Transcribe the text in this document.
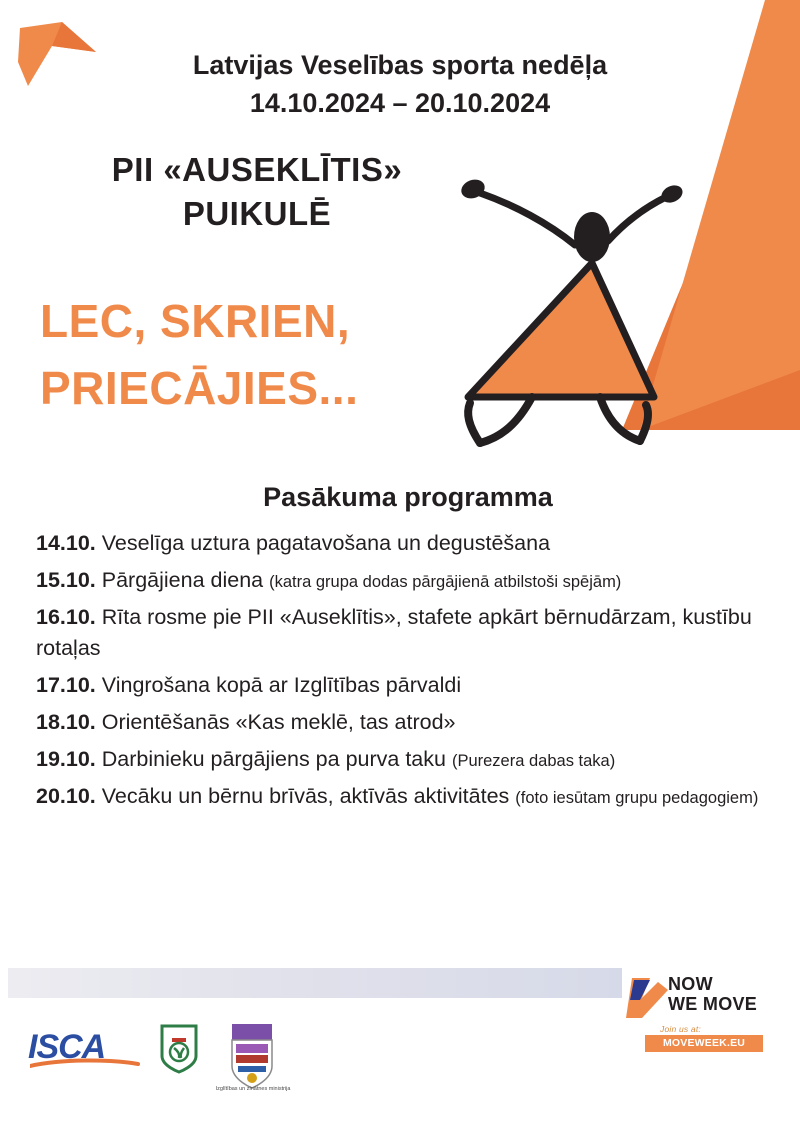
Latvijas Veselības sporta nedēļa
14.10.2024 – 20.10.2024
PII «AUSEKLĪTIS»
PUIKULĒ
LEC, SKRIEN,
PRIECĀJIES...
Pasākuma programma
14.10. Veselīga uztura pagatavošana un degustēšana
15.10. Pārgājiena diena (katra grupa dodas pārgājienā atbilstoši spējām)
16.10. Rīta rosme pie PII «Auseklītis», stafete apkārt bērnudārzam, kustību rotaļas
17.10. Vingrošana kopā ar Izglītības pārvaldi
18.10. Orientēšanās «Kas meklē, tas atrod»
19.10. Darbinieku pārgājiens pa purva taku (Purezera dabas taka)
20.10. Vecāku un bērnu brīvās, aktīvās aktivitātes (foto iesūtam grupu pedagogiem)
ISCA
Izglītības un zinātnes ministrija
NOW
WE MOVE
Join us at:
MOVEWEEK.EU
